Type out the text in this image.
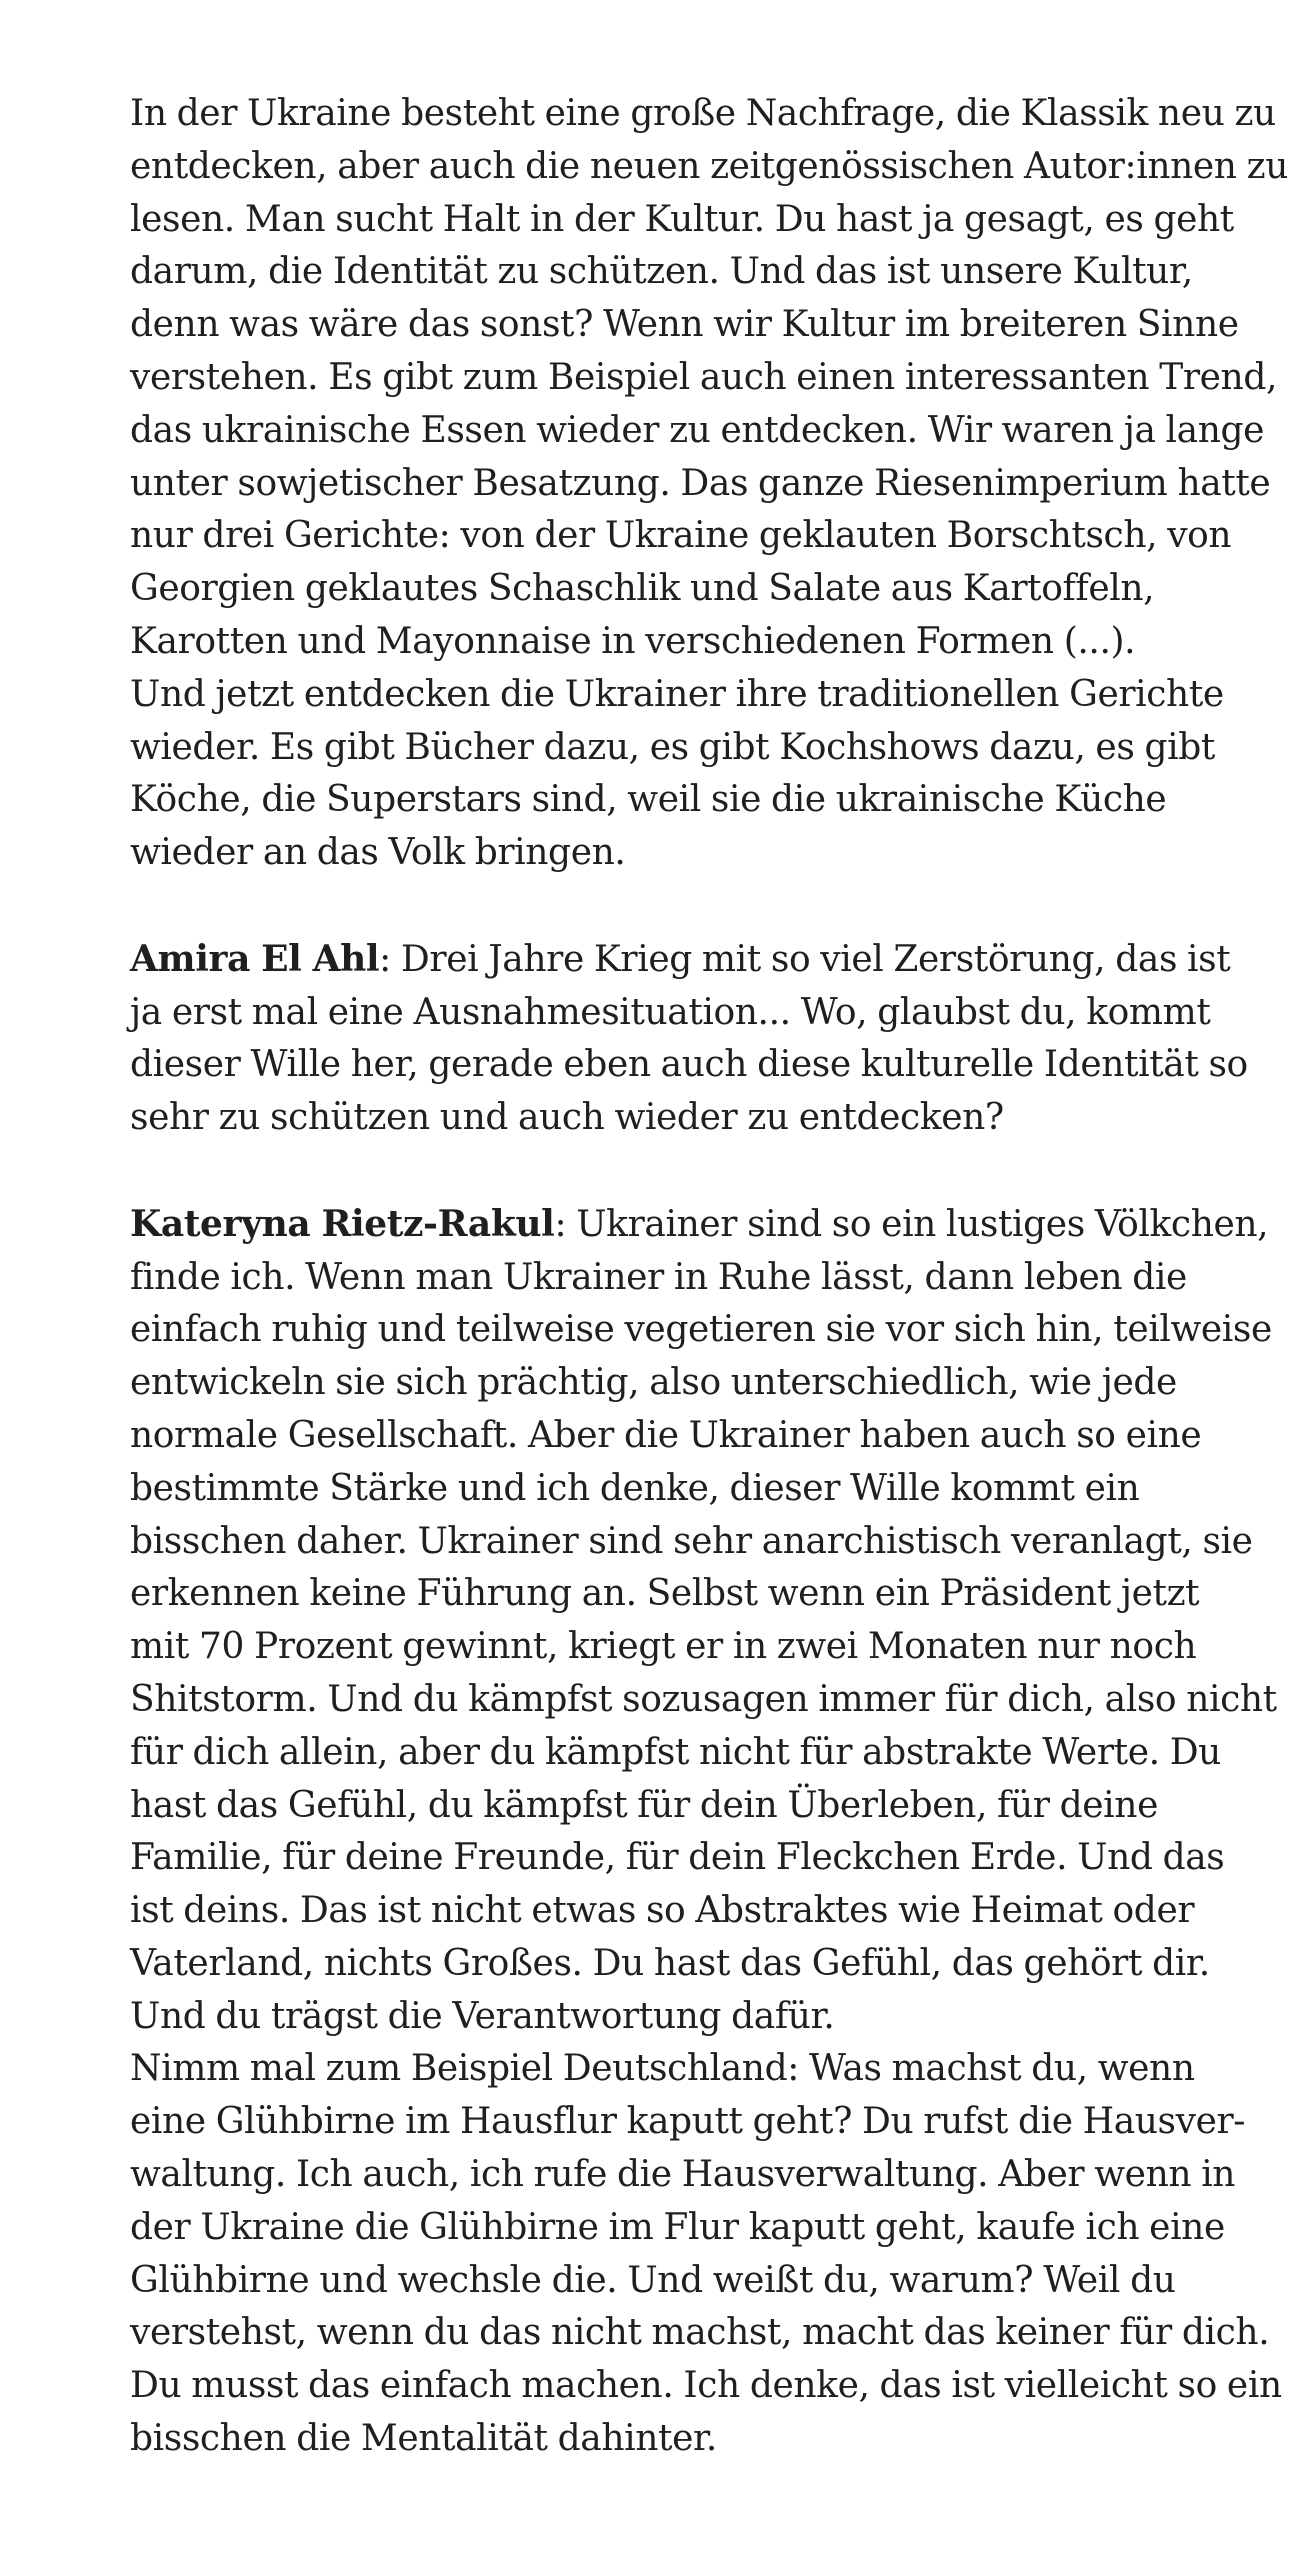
In der Ukraine besteht eine große Nachfrage, die Klassik neu zu
entdecken, aber auch die neuen zeitgenössischen Autor:innen zu
lesen. Man sucht Halt in der Kultur. Du hast ja gesagt, es geht
darum, die Identität zu schützen. Und das ist unsere Kultur,
denn was wäre das sonst? Wenn wir Kultur im breiteren Sinne
verstehen. Es gibt zum Beispiel auch einen interessanten Trend,
das ukrainische Essen wieder zu entdecken. Wir waren ja lange
unter sowjetischer Besatzung. Das ganze Riesenimperium hatte
nur drei Gerichte: von der Ukraine geklauten Borschtsch, von
Georgien geklautes Schaschlik und Salate aus Kartoffeln,
Karotten und Mayonnaise in verschiedenen Formen (...).
Und jetzt entdecken die Ukrainer ihre traditionellen Gerichte
wieder. Es gibt Bücher dazu, es gibt Kochshows dazu, es gibt
Köche, die Superstars sind, weil sie die ukrainische Küche
wieder an das Volk bringen.

Amira El Ahl: Drei Jahre Krieg mit so viel Zerstörung, das ist
ja erst mal eine Ausnahmesituation... Wo, glaubst du, kommt
dieser Wille her, gerade eben auch diese kulturelle Identität so
sehr zu schützen und auch wieder zu entdecken?

Kateryna Rietz-Rakul: Ukrainer sind so ein lustiges Völkchen,
finde ich. Wenn man Ukrainer in Ruhe lässt, dann leben die
einfach ruhig und teilweise vegetieren sie vor sich hin, teilweise
entwickeln sie sich prächtig, also unterschiedlich, wie jede
normale Gesellschaft. Aber die Ukrainer haben auch so eine
bestimmte Stärke und ich denke, dieser Wille kommt ein
bisschen daher. Ukrainer sind sehr anarchistisch veranlagt, sie
erkennen keine Führung an. Selbst wenn ein Präsident jetzt
mit 70 Prozent gewinnt, kriegt er in zwei Monaten nur noch
Shitstorm. Und du kämpfst sozusagen immer für dich, also nicht
für dich allein, aber du kämpfst nicht für abstrakte Werte. Du
hast das Gefühl, du kämpfst für dein Überleben, für deine
Familie, für deine Freunde, für dein Fleckchen Erde. Und das
ist deins. Das ist nicht etwas so Abstraktes wie Heimat oder
Vaterland, nichts Großes. Du hast das Gefühl, das gehört dir.
Und du trägst die Verantwortung dafür.
Nimm mal zum Beispiel Deutschland: Was machst du, wenn
eine Glühbirne im Hausflur kaputt geht? Du rufst die Hausver-
waltung. Ich auch, ich rufe die Hausverwaltung. Aber wenn in
der Ukraine die Glühbirne im Flur kaputt geht, kaufe ich eine
Glühbirne und wechsle die. Und weißt du, warum? Weil du
verstehst, wenn du das nicht machst, macht das keiner für dich.
Du musst das einfach machen. Ich denke, das ist vielleicht so ein
bisschen die Mentalität dahinter.
